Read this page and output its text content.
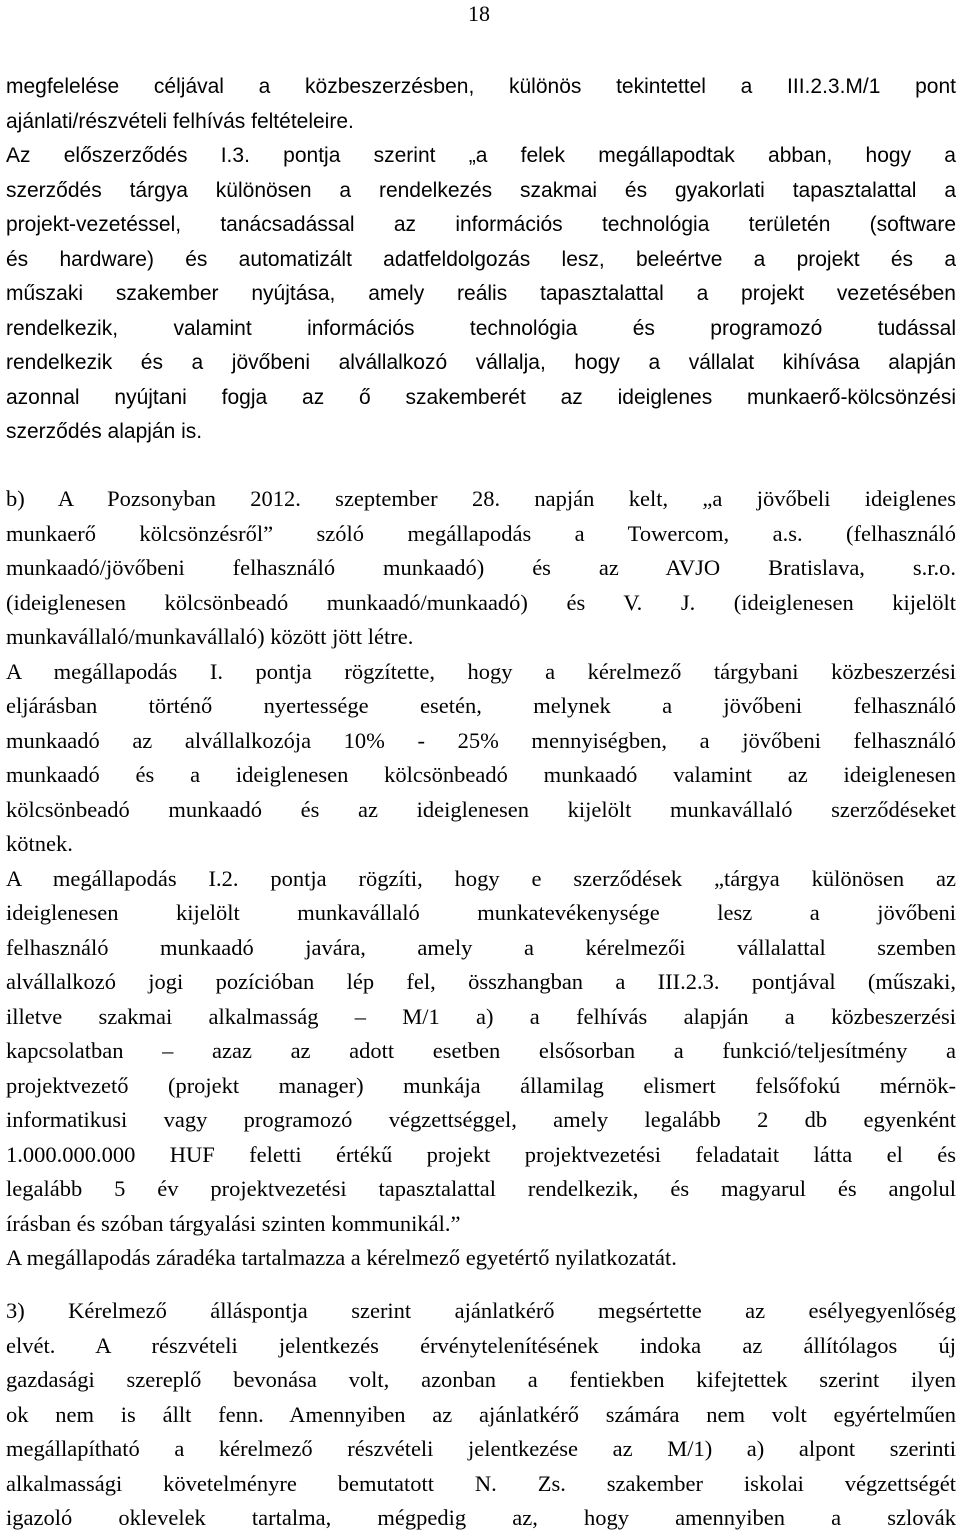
18
megfelelése céljával a közbeszerzésben, különös tekintettel a III.2.3.M/1 pont
ajánlati/részvételi felhívás feltételeire.
Az előszerződés I.3. pontja szerint „a felek megállapodtak abban, hogy a
szerződés tárgya különösen a rendelkezés szakmai és gyakorlati tapasztalattal a
projekt-vezetéssel, tanácsadással az információs technológia területén (software
és hardware) és automatizált adatfeldolgozás lesz, beleértve a projekt és a
műszaki szakember nyújtása, amely reális tapasztalattal a projekt vezetésében
rendelkezik, valamint információs technológia és programozó tudással
rendelkezik és a jövőbeni alvállalkozó vállalja, hogy a vállalat kihívása alapján
azonnal nyújtani fogja az ő szakemberét az ideiglenes munkaerő-kölcsönzési
szerződés alapján is.
b) A Pozsonyban 2012. szeptember 28. napján kelt, „a jövőbeli ideiglenes
munkaerő kölcsönzésről” szóló megállapodás a Towercom, a.s. (felhasználó
munkaadó/jövőbeni felhasználó munkaadó) és az AVJO Bratislava, s.r.o.
(ideiglenesen kölcsönbeadó munkaadó/munkaadó) és V. J. (ideiglenesen kijelölt
munkavállaló/munkavállaló) között jött létre.
A megállapodás I. pontja rögzítette, hogy a kérelmező tárgybani közbeszerzési
eljárásban történő nyertessége esetén, melynek a jövőbeni felhasználó
munkaadó az alvállalkozója 10% - 25% mennyiségben, a jövőbeni felhasználó
munkaadó és a ideiglenesen kölcsönbeadó munkaadó valamint az ideiglenesen
kölcsönbeadó munkaadó és az ideiglenesen kijelölt munkavállaló szerződéseket
kötnek.
A megállapodás I.2. pontja rögzíti, hogy e szerződések „tárgya különösen az
ideiglenesen kijelölt munkavállaló munkatevékenysége lesz a jövőbeni
felhasználó munkaadó javára, amely a kérelmezői vállalattal szemben
alvállalkozó jogi pozícióban lép fel, összhangban a III.2.3. pontjával (műszaki,
illetve szakmai alkalmasság – M/1 a) a felhívás alapján a közbeszerzési
kapcsolatban – azaz az adott esetben elsősorban a funkció/teljesítmény a
projektvezető (projekt manager) munkája államilag elismert felsőfokú mérnök-
informatikusi vagy programozó végzettséggel, amely legalább 2 db egyenként
1.000.000.000 HUF feletti értékű projekt projektvezetési feladatait látta el és
legalább 5 év projektvezetési tapasztalattal rendelkezik, és magyarul és angolul
írásban és szóban tárgyalási szinten kommunikál.”
A megállapodás záradéka tartalmazza a kérelmező egyetértő nyilatkozatát.
3) Kérelmező álláspontja szerint ajánlatkérő megsértette az esélyegyenlőség
elvét. A részvételi jelentkezés érvénytelenítésének indoka az állítólagos új
gazdasági szereplő bevonása volt, azonban a fentiekben kifejtettek szerint ilyen
ok nem is állt fenn. Amennyiben az ajánlatkérő számára nem volt egyértelműen
megállapítható a kérelmező részvételi jelentkezése az M/1) a) alpont szerinti
alkalmassági követelményre bemutatott N. Zs. szakember iskolai végzettségét
igazoló oklevelek tartalma, mégpedig az, hogy amennyiben a szlovák
